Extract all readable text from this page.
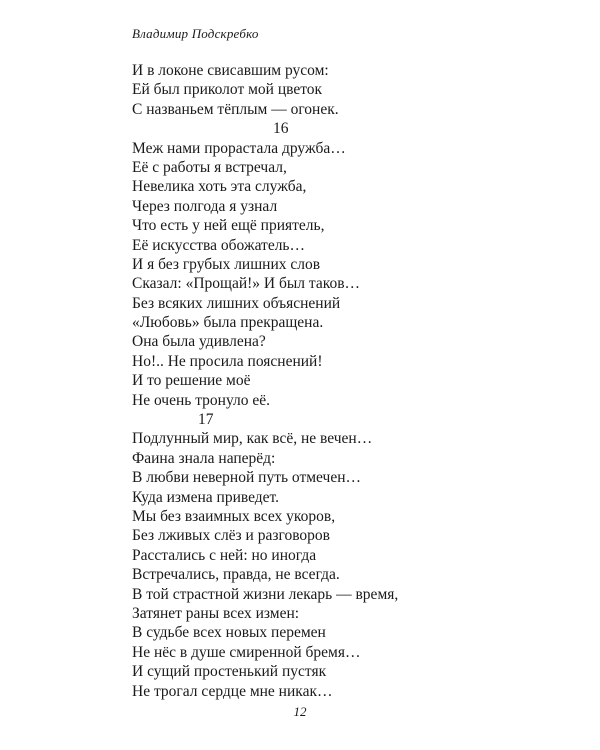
Владимир Подскребко
И в локоне свисавшим русом:
Ей был приколот мой цветок
С названьем тёплым — огонек.
16
Меж нами прорастала дружба…
Её с работы я встречал,
Невелика хоть эта служба,
Через полгода я узнал
Что есть у ней ещё приятель,
Её искусства обожатель…
И я без грубых лишних слов
Сказал: «Прощай!» И был таков…
Без всяких лишних объяснений
«Любовь» была прекращена.
Она была удивлена?
Но!.. Не просила пояснений!
И то решение моё
Не очень тронуло её.
17
Подлунный мир, как всё, не вечен…
Фаина знала наперёд:
В любви неверной путь отмечен…
Куда измена приведет.
Мы без взаимных всех укоров,
Без лживых слёз и разговоров
Расстались с ней: но иногда
Встречались, правда, не всегда.
В той страстной жизни лекарь — время,
Затянет раны всех измен:
В судьбе всех новых перемен
Не нёс в душе смиренной бремя…
И сущий простенький пустяк
Не трогал сердце мне никак…
12
